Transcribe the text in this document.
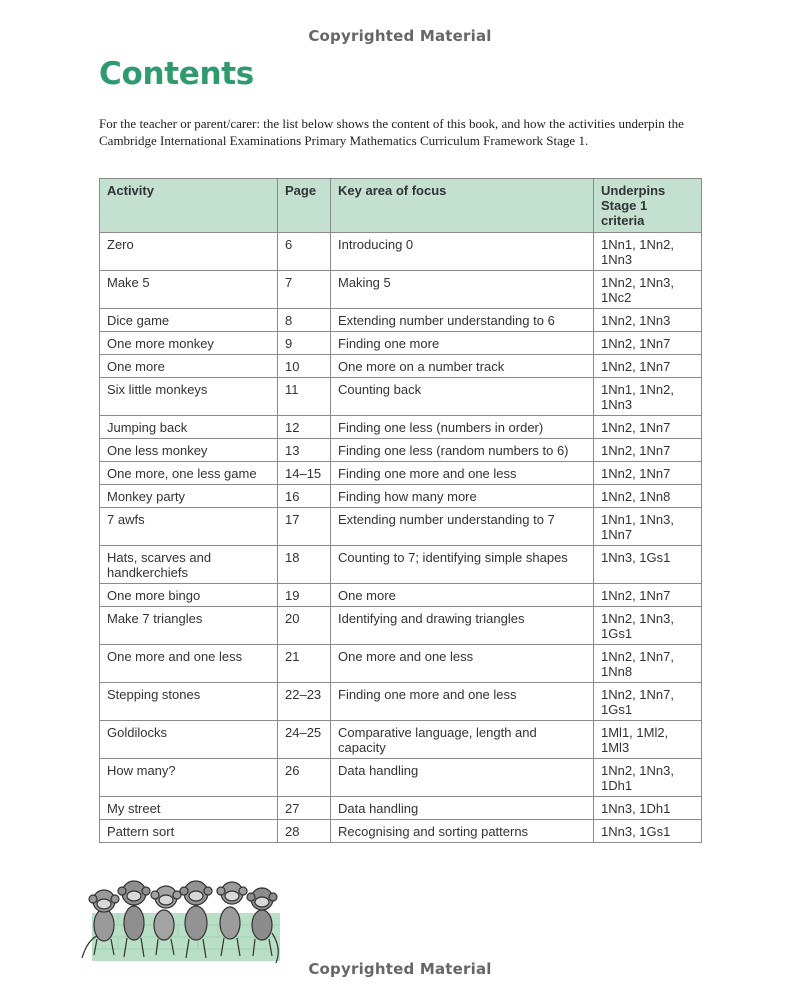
Copyrighted Material
Contents

For the teacher or parent/carer: the list below shows the content of this book, and how the activities underpin the Cambridge International Examinations Primary Mathematics Curriculum Framework Stage 1.

Activity	Page	Key area of focus	Underpins Stage 1 criteria
Zero	6	Introducing 0	1Nn1, 1Nn2, 1Nn3
Make 5	7	Making 5	1Nn2, 1Nn3, 1Nc2
Dice game	8	Extending number understanding to 6	1Nn2, 1Nn3
One more monkey	9	Finding one more	1Nn2, 1Nn7
One more	10	One more on a number track	1Nn2, 1Nn7
Six little monkeys	11	Counting back	1Nn1, 1Nn2, 1Nn3
Jumping back	12	Finding one less (numbers in order)	1Nn2, 1Nn7
One less monkey	13	Finding one less (random numbers to 6)	1Nn2, 1Nn7
One more, one less game	14–15	Finding one more and one less	1Nn2, 1Nn7
Monkey party	16	Finding how many more	1Nn2, 1Nn8
7 awfs	17	Extending number understanding to 7	1Nn1, 1Nn3, 1Nn7
Hats, scarves and handkerchiefs	18	Counting to 7; identifying simple shapes	1Nn3, 1Gs1
One more bingo	19	One more	1Nn2, 1Nn7
Make 7 triangles	20	Identifying and drawing triangles	1Nn2, 1Nn3, 1Gs1
One more and one less	21	One more and one less	1Nn2, 1Nn7, 1Nn8
Stepping stones	22–23	Finding one more and one less	1Nn2, 1Nn7, 1Gs1
Goldilocks	24–25	Comparative language, length and capacity	1Ml1, 1Ml2, 1Ml3
How many?	26	Data handling	1Nn2, 1Nn3, 1Dh1
My street	27	Data handling	1Nn3, 1Dh1
Pattern sort	28	Recognising and sorting patterns	1Nn3, 1Gs1
Copyrighted Material
